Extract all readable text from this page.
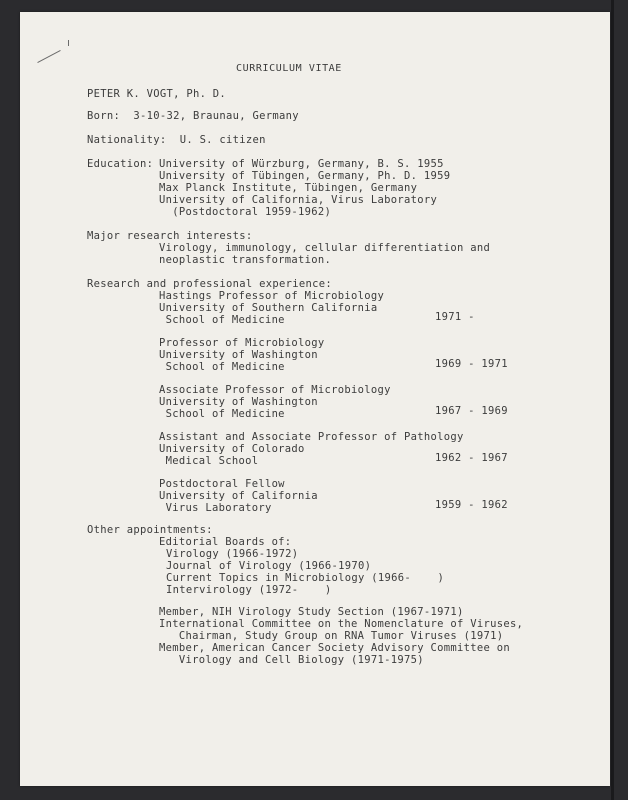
CURRICULUM VITAE
PETER K. VOGT, Ph. D.
Born:  3-10-32, Braunau, Germany
Nationality:  U. S. citizen
Education: University of Würzburg, Germany, B. S. 1955
University of Tübingen, Germany, Ph. D. 1959
Max Planck Institute, Tübingen, Germany
University of California, Virus Laboratory
(Postdoctoral 1959-1962)
Major research interests:
Virology, immunology, cellular differentiation and
neoplastic transformation.
Research and professional experience:
Hastings Professor of Microbiology
University of Southern California
School of Medicine	1971 -
Professor of Microbiology
University of Washington
School of Medicine	1969 - 1971
Associate Professor of Microbiology
University of Washington
School of Medicine	1967 - 1969
Assistant and Associate Professor of Pathology
University of Colorado
Medical School	1962 - 1967
Postdoctoral Fellow
University of California
Virus Laboratory	1959 - 1962
Other appointments:
Editorial Boards of:
Virology (1966-1972)
Journal of Virology (1966-1970)
Current Topics in Microbiology (1966-    )
Intervirology (1972-    )
Member, NIH Virology Study Section (1967-1971)
International Committee on the Nomenclature of Viruses,
Chairman, Study Group on RNA Tumor Viruses (1971)
Member, American Cancer Society Advisory Committee on
Virology and Cell Biology (1971-1975)
